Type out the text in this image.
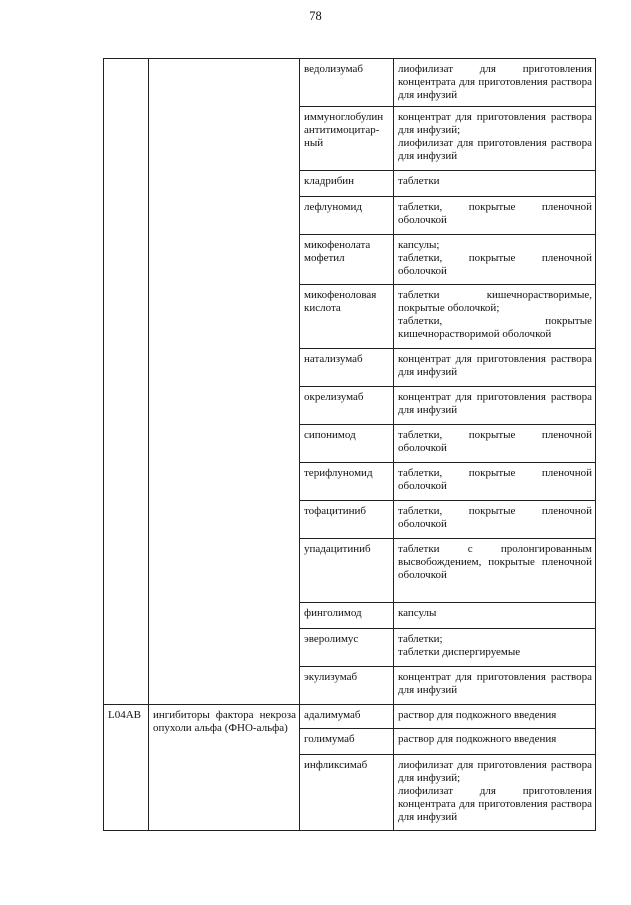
78
		ведолизумаб	лиофилизат для приготовления концентрата для приготовления раствора для инфузий

		иммуноглобулин антитимоцитар-ный	концентрат для приготовления раствора для инфузий;
лиофилизат для приготовления раствора для инфузий

		кладрибин	таблетки

		лефлуномид	таблетки, покрытые пленочной оболочкой

		микофенолата мофетил	капсулы;
таблетки, покрытые пленочной оболочкой

		микофеноловая кислота	таблетки кишечнорастворимые, покрытые оболочкой;
таблетки, покрытые кишечнорастворимой оболочкой

		натализумаб	концентрат для приготовления раствора для инфузий

		окрелизумаб	концентрат для приготовления раствора для инфузий

		сипонимод	таблетки, покрытые пленочной оболочкой

		терифлуномид	таблетки, покрытые пленочной оболочкой

		тофацитиниб	таблетки, покрытые пленочной оболочкой

		упадацитиниб	таблетки с пролонгированным высвобождением, покрытые пленочной оболочкой

		финголимод	капсулы

		эверолимус	таблетки;
таблетки диспергируемые

		экулизумаб	концентрат для приготовления раствора для инфузий

L04AB	ингибиторы фактора некроза опухоли альфа (ФНО-альфа)	адалимумаб	раствор для подкожного введения

		голимумаб	раствор для подкожного введения

		инфликсимаб	лиофилизат для приготовления раствора для инфузий;
лиофилизат для приготовления концентрата для приготовления раствора для инфузий
